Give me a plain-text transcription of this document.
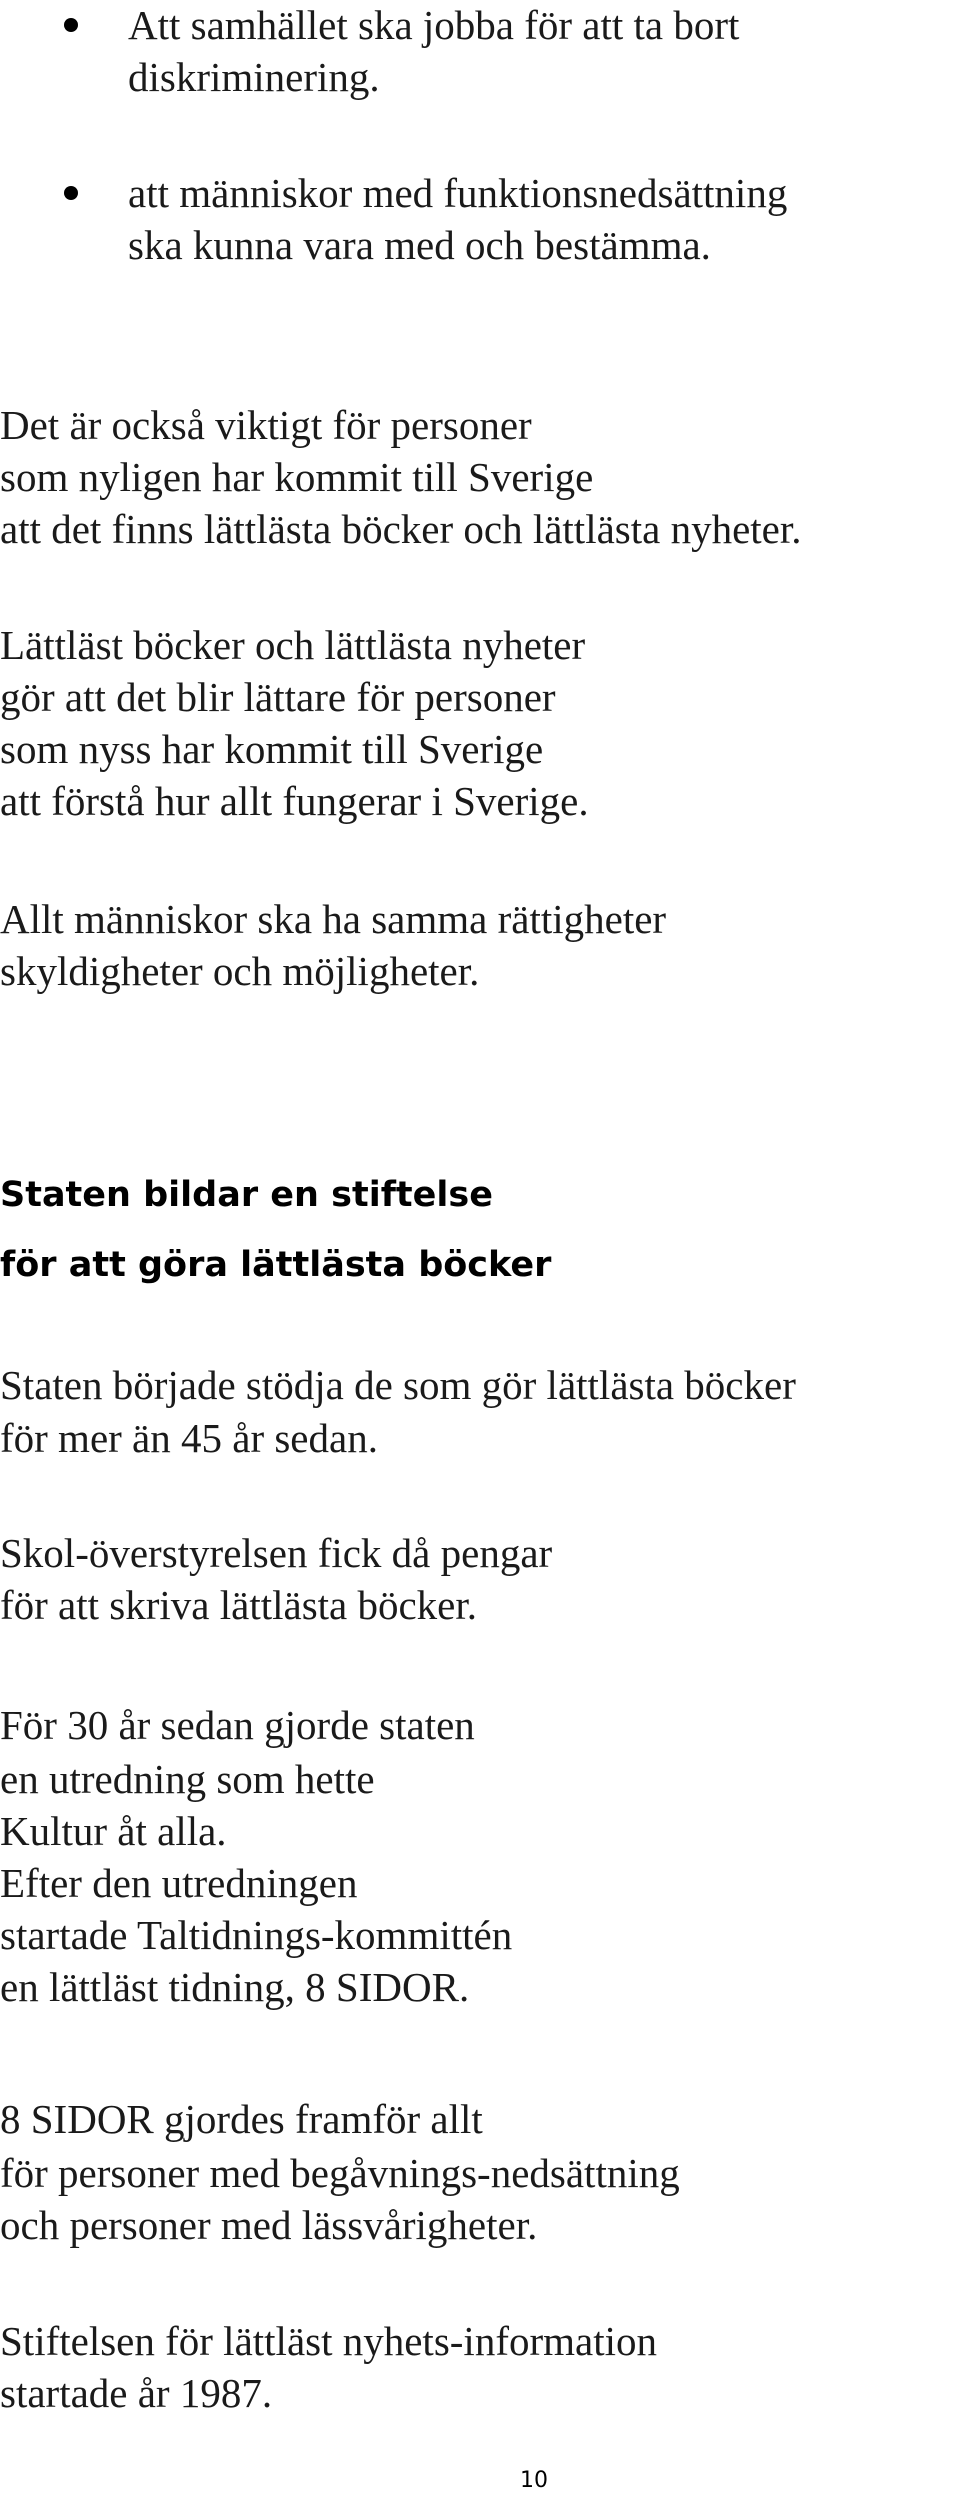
Att samhället ska jobba för att ta bort
diskriminering.
att människor med funktionsnedsättning
ska kunna vara med och bestämma.
Det är också viktigt för personer
som nyligen har kommit till Sverige
att det finns lättlästa böcker och lättlästa nyheter.
Lättläst böcker och lättlästa nyheter
gör att det blir lättare för personer
som nyss har kommit till Sverige
att förstå hur allt fungerar i Sverige.
Allt människor ska ha samma rättigheter
skyldigheter och möjligheter.
Staten bildar en stiftelse
för att göra lättlästa böcker
Staten började stödja de som gör lättlästa böcker
för mer än 45 år sedan.
Skol-överstyrelsen fick då pengar
för att skriva lättlästa böcker.
För 30 år sedan gjorde staten
en utredning som hette
Kultur åt alla.
Efter den utredningen
startade Taltidnings-kommittén
en lättläst tidning, 8 SIDOR.
8 SIDOR gjordes framför allt
för personer med begåvnings-nedsättning
och personer med lässvårigheter.
Stiftelsen för lättläst nyhets-information
startade år 1987.
10
